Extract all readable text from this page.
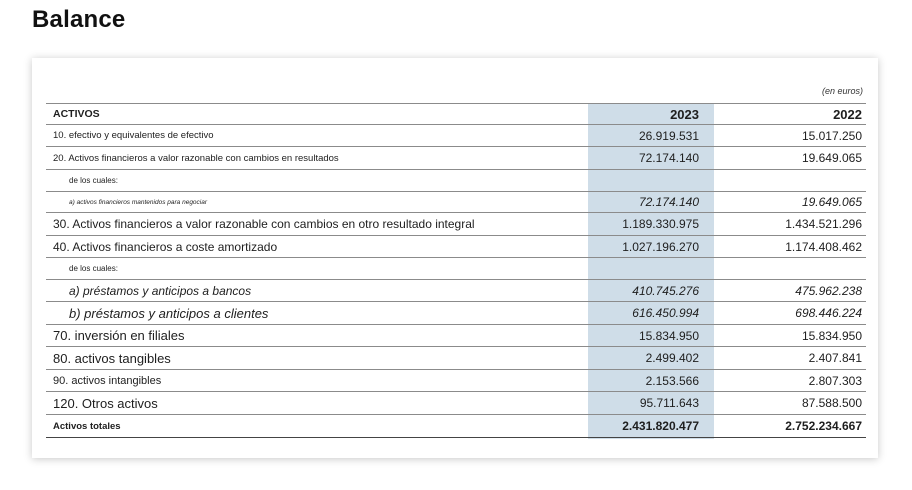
Balance
(en euros)
ACTIVOS	2023	2022
10. efectivo y equivalentes de efectivo	26.919.531	15.017.250
20. Activos financieros a valor razonable con cambios en resultados	72.174.140	19.649.065
de los cuales:
a) activos financieros mantenidos para negociar	72.174.140	19.649.065
30. Activos financieros a valor razonable con cambios en otro resultado integral	1.189.330.975	1.434.521.296
40. Activos financieros a coste amortizado	1.027.196.270	1.174.408.462
de los cuales:
a) préstamos y anticipos a bancos	410.745.276	475.962.238
b) préstamos y anticipos a clientes	616.450.994	698.446.224
70. inversión en filiales	15.834.950	15.834.950
80. activos tangibles	2.499.402	2.407.841
90. activos intangibles	2.153.566	2.807.303
120. Otros activos	95.711.643	87.588.500
Activos totales	2.431.820.477	2.752.234.667
